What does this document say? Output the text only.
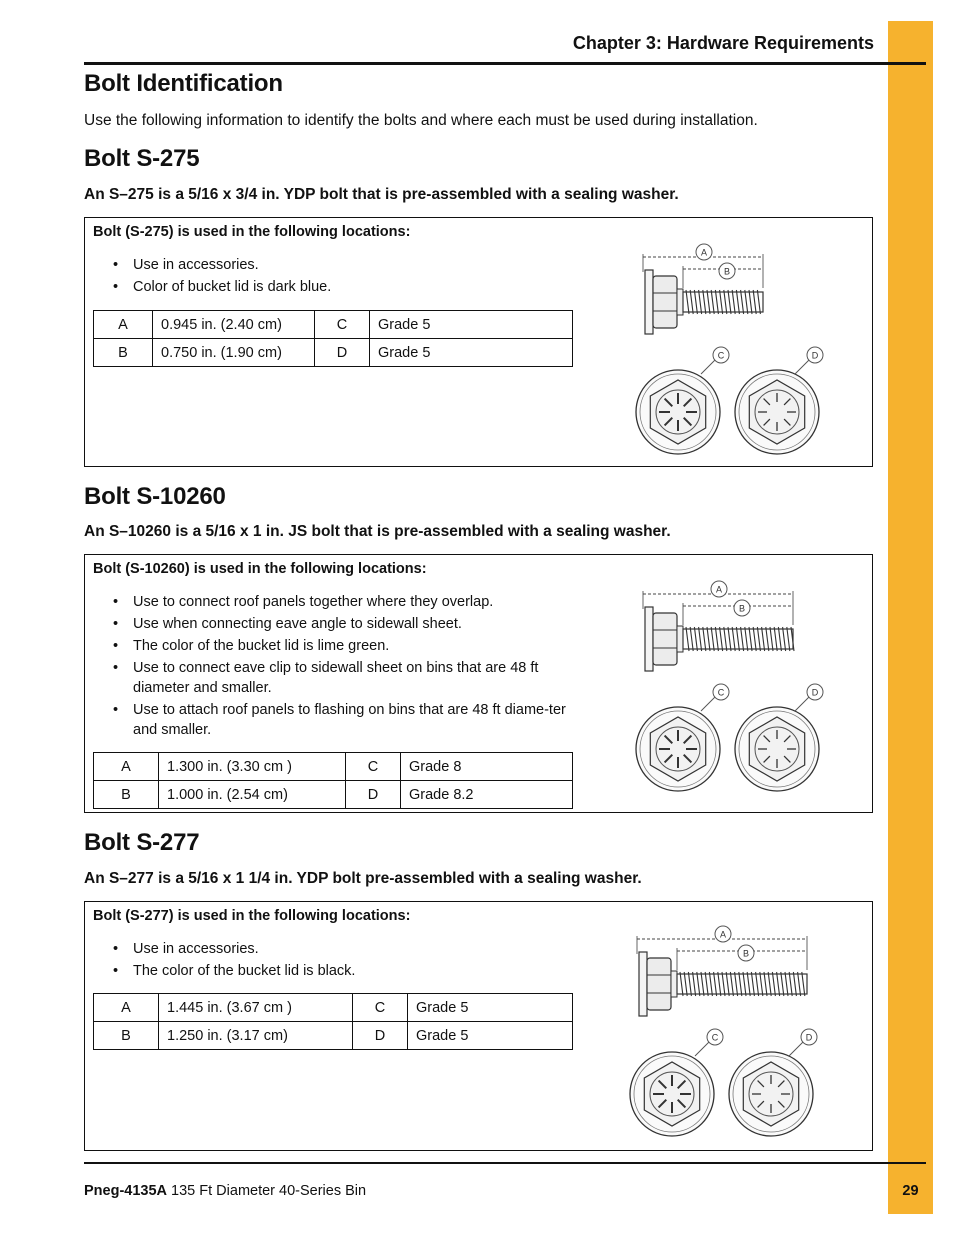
Chapter 3: Hardware Requirements
Bolt Identification
Use the following information to identify the bolts and where each must be used during installation.
Bolt S-275
An S–275 is a 5/16 x 3/4 in. YDP bolt that is pre-assembled with a sealing washer.
Bolt (S-275) is used in the following locations:
• Use in accessories.
• Color of bucket lid is dark blue.
A	0.945 in. (2.40 cm)	C	Grade 5
B	0.750 in. (1.90 cm)	D	Grade 5
A
B
C	D
Bolt S-10260
An S–10260 is a 5/16 x 1 in. JS bolt that is pre-assembled with a sealing washer.
Bolt (S-10260) is used in the following locations:
• Use to connect roof panels together where they overlap.
• Use when connecting eave angle to sidewall sheet.
• The color of the bucket lid is lime green.
• Use to connect eave clip to sidewall sheet on bins that are 48 ft diameter and smaller.
• Use to attach roof panels to flashing on bins that are 48 ft diame-ter and smaller.
A	1.300 in. (3.30 cm )	C	Grade 8
B	1.000 in. (2.54 cm)	D	Grade 8.2
A
B
C	D
Bolt S-277
An S–277 is a 5/16 x 1 1/4 in. YDP bolt pre-assembled with a sealing washer.
Bolt (S-277) is used in the following locations:
• Use in accessories.
• The color of the bucket lid is black.
A	1.445 in. (3.67 cm )	C	Grade 5
B	1.250 in. (3.17 cm)	D	Grade 5
A
B
C	D
Pneg-4135A 135 Ft Diameter 40-Series Bin	29
